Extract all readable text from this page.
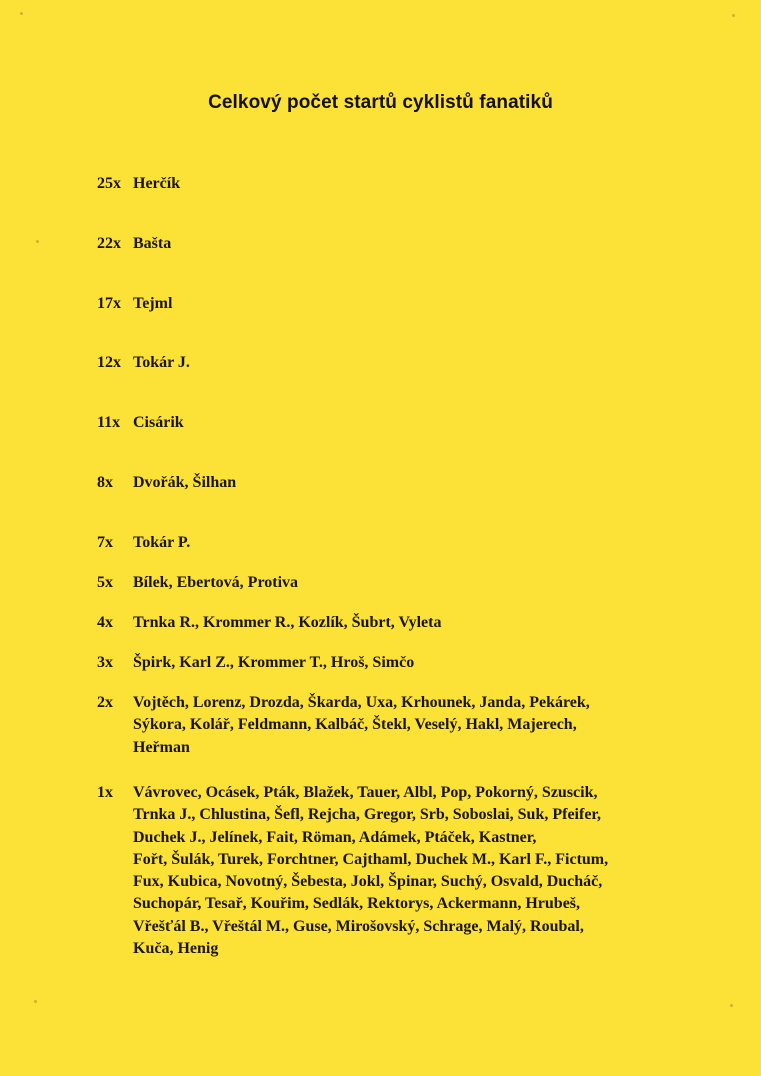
Celkový počet startů cyklistů fanatiků
25x Herčík
22x Bašta
17x Tejml
12x Tokár J.
11x Cisárik
8x	Dvořák, Šilhan
7x	Tokár P.
5x	Bílek, Ebertová, Protiva
4x	Trnka R., Krommer R., Kozlík, Šubrt, Vyleta
3x	Špirk, Karl Z., Krommer T., Hroš, Simčo
2x	Vojtěch, Lorenz, Drozda, Škarda, Uxa, Krhounek, Janda, Pekárek,
Sýkora, Kolář, Feldmann, Kalbáč, Štekl, Veselý, Hakl, Majerech,
Heřman
1x	Vávrovec, Ocásek, Pták, Blažek, Tauer, Albl, Pop, Pokorný, Szuscik,
Trnka J., Chlustina, Šefl, Rejcha, Gregor, Srb, Soboslai, Suk, Pfeifer,
Duchek J., Jelínek, Fait, Röman, Adámek, Ptáček, Kastner,
Fořt, Šulák, Turek, Forchtner, Cajthaml, Duchek M., Karl F., Fictum,
Fux, Kubica, Novotný, Šebesta, Jokl, Špinar, Suchý, Osvald, Ducháč,
Suchopár, Tesař, Kouřim, Sedlák, Rektorys, Ackermann, Hrubeš,
Vřešťál B., Vřeštál M., Guse, Mirošovský, Schrage, Malý, Roubal,
Kuča, Henig
